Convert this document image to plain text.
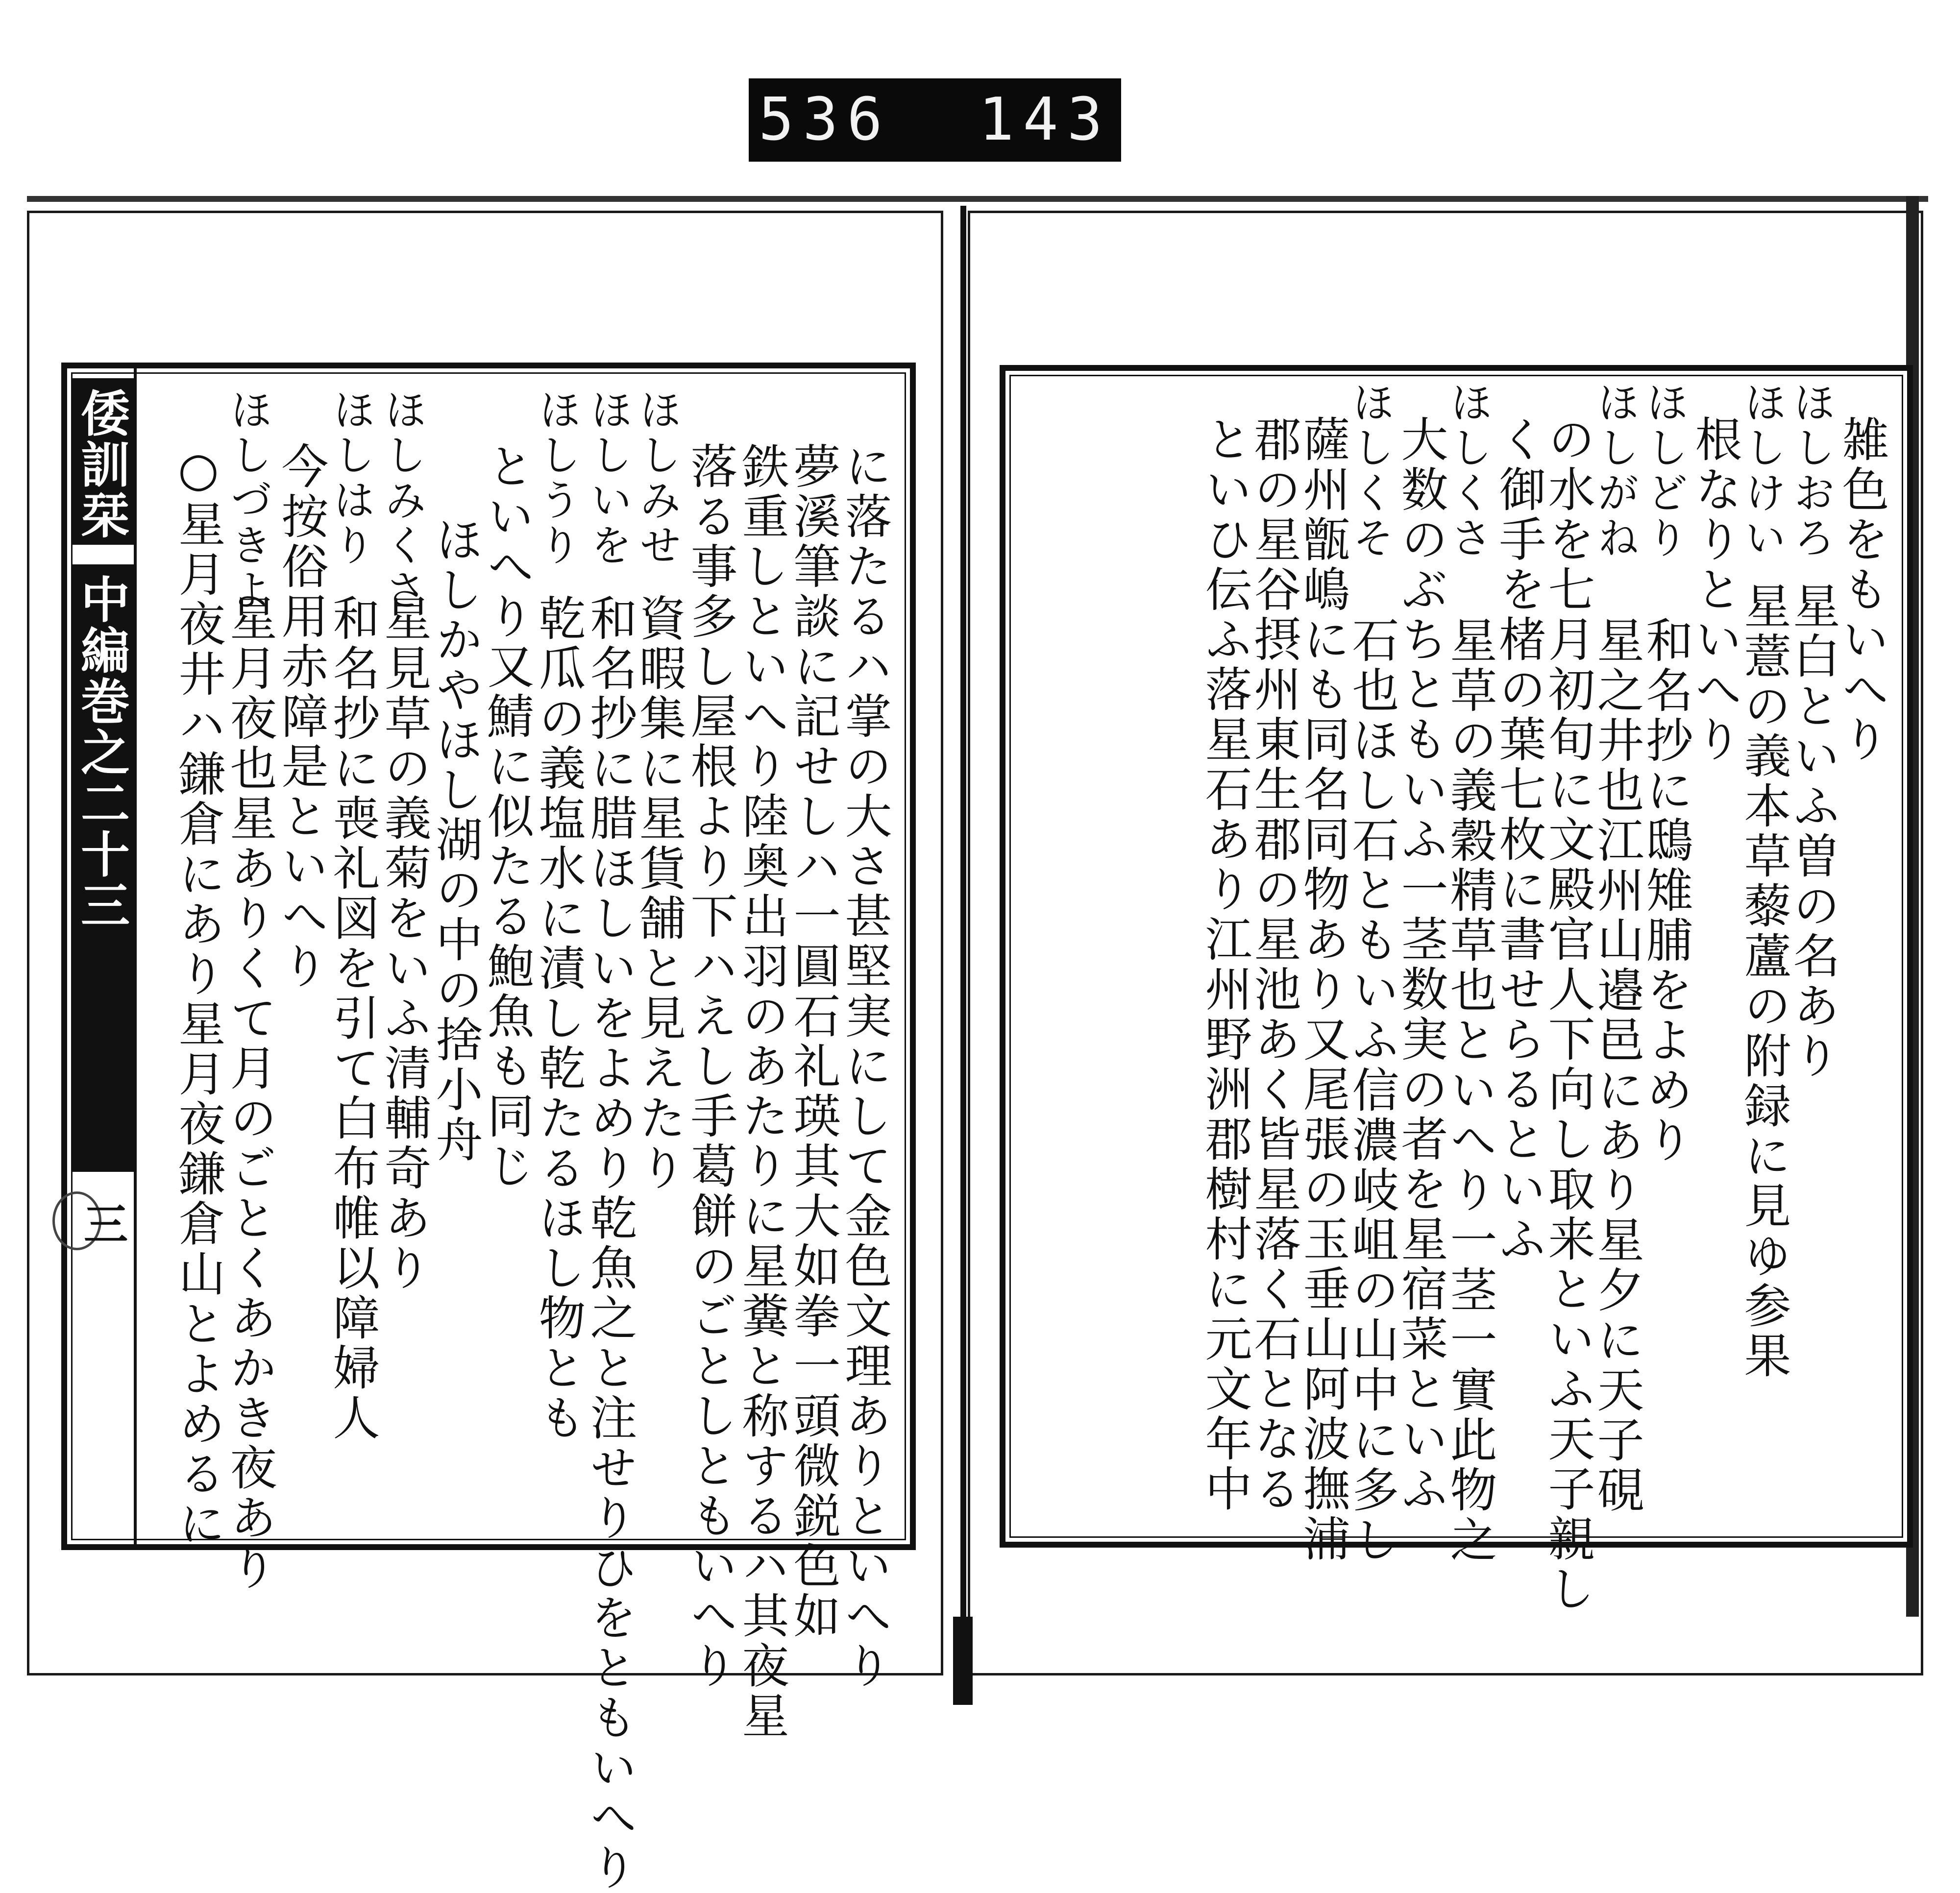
536 143
倭訓栞
中編巻之二十三
三	に落たるハ掌の大さ甚堅実にして金色文理ありといへり
夢溪筆談に記せしハ一圓石礼瑛其大如拳一頭微鋭色如
鉄重しといへり陸奥出羽のあたりに星糞と称するハ其夜星
落る事多し屋根より下ハえし手葛餅のごとしともいへり
ほしみせ
資暇集に星貨舗と見えたり
ほしいを
和名抄に腊ほしいをよめり乾魚之と注せりひをともいへり
ほしうり
乾瓜の義塩水に漬し乾たるほし物とも
といへり又鯖に似たる鮑魚も同じ
ほしかやほし湖の中の捨小舟
ほしみくさ
星見草の義菊をいふ清輔奇あり
ほしはり
和名抄に喪礼図を引て白布帷以障婦人
今按俗用赤障是といへり
ほしづきよ
星月夜也星ありくて月のごとくあかき夜あり
○星月夜井ハ鎌倉にあり星月夜鎌倉山とよめるに	雑色をもいへり
ほしおろ
星白といふ曽の名あり
ほしけい
星薏の義本草藜蘆の附録に見ゆ参果
根なりといへり
ほしどり
和名抄に鴟雉脯をよめり
ほしがね
星之井也江州山邉邑にあり星夕に天子硯
の水を七月初旬に文殿官人下向し取来といふ天子親し
く御手を楮の葉七枚に書せらるといふ
ほしくさ
星草の義穀精草也といへり一茎一實此物之
大数のぶちともいふ一茎数実の者を星宿菜といふ
ほしくそ
石也ほし石ともいふ信濃岐岨の山中に多し
薩州甑嶋にも同名同物あり又尾張の玉垂山阿波撫浦
郡の星谷摂州東生郡の星池あく皆星落く石となる
といひ伝ふ落星石あり江州野洲郡樹村に元文年中
